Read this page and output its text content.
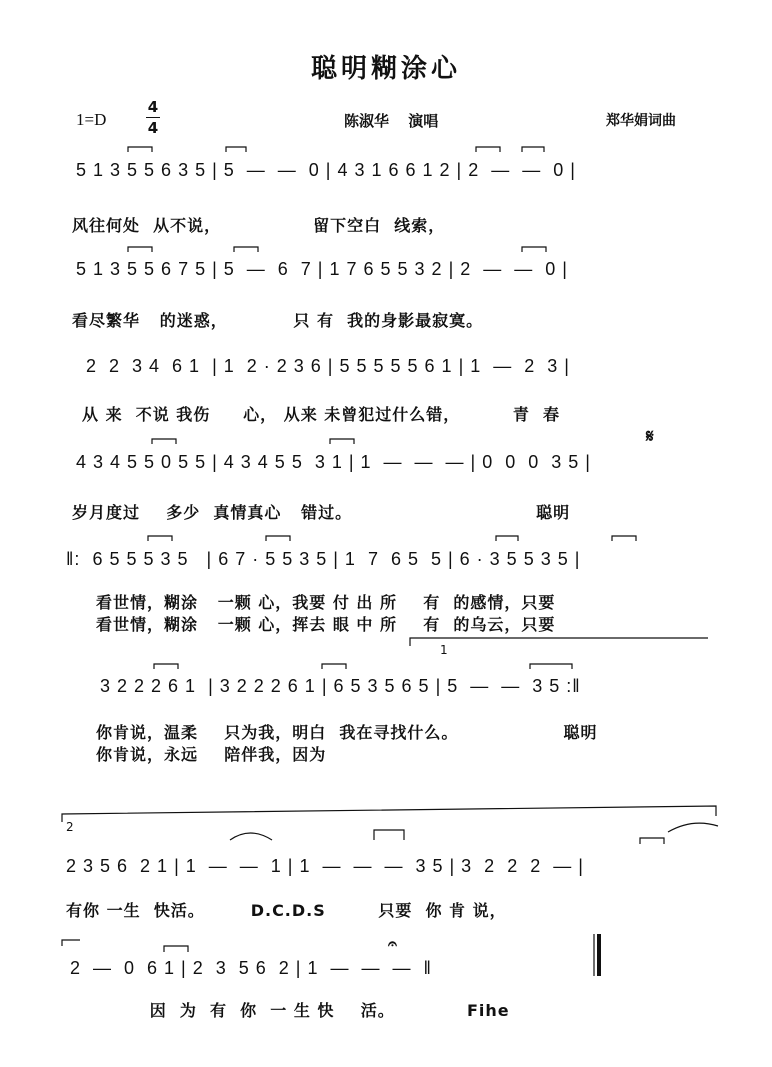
聪明糊涂心
1=D
4
4	陈淑华 演唱	郑华娟词曲
5 1 3 5 5 6 3 5 | 5  —  —  0 | 4 3 1 6 6 1 2 | 2  —  —  0 |
风往何处  从不说，              留下空白  线索，
5 1 3 5 5 6 7 5 | 5  —  6  7 | 1 7 6 5 5 3 2 | 2  —  —  0 |
看尽繁华   的迷惑，          只 有  我的身影最寂寞。
2  2  3 4  6 1  | 1  2 · 2 3 6 | 5 5 5 5 5 6 1 | 1  —  2  3 |
从 来  不说 我伤     心， 从来 未曾犯过什么错，        青  春
4 3 4 5 5 0 5 5 | 4 3 4 5 5  3 1 | 1  —  —  — | 0  0  0  3 5 |
岁月度过    多少  真情真心   错过。                            聪明
‖:  6 5 5 5 3 5   | 6 7 · 5 5 3 5 | 1  7  6 5  5 | 6 · 3 5 5 3 5 |
看世情，糊涂   一颗 心，我要 付 出 所    有  的感情，只要
看世情，糊涂   一颗 心，挥去 眼 中 所    有  的乌云，只要
3 2 2 2 6 1  | 3 2 2 2 6 1 | 6 5 3 5 6 5 | 5  —  —  3 5 :‖
你肯说，温柔    只为我，明白  我在寻找什么。                聪明
你肯说，永远    陪伴我，因为
2 3 5 6  2 1 | 1  —  —  1 | 1  —  —  —  3 5 | 3  2  2  2  — |
有你 一生  快活。       D.C.D.S        只要  你 肯 说，
2  —  0  6 1 | 2  3  5 6  2 | 1  —  —  —  ‖
因  为  有  你  一 生 快    活。           Fihe
1
2
𝄋
𝄐
